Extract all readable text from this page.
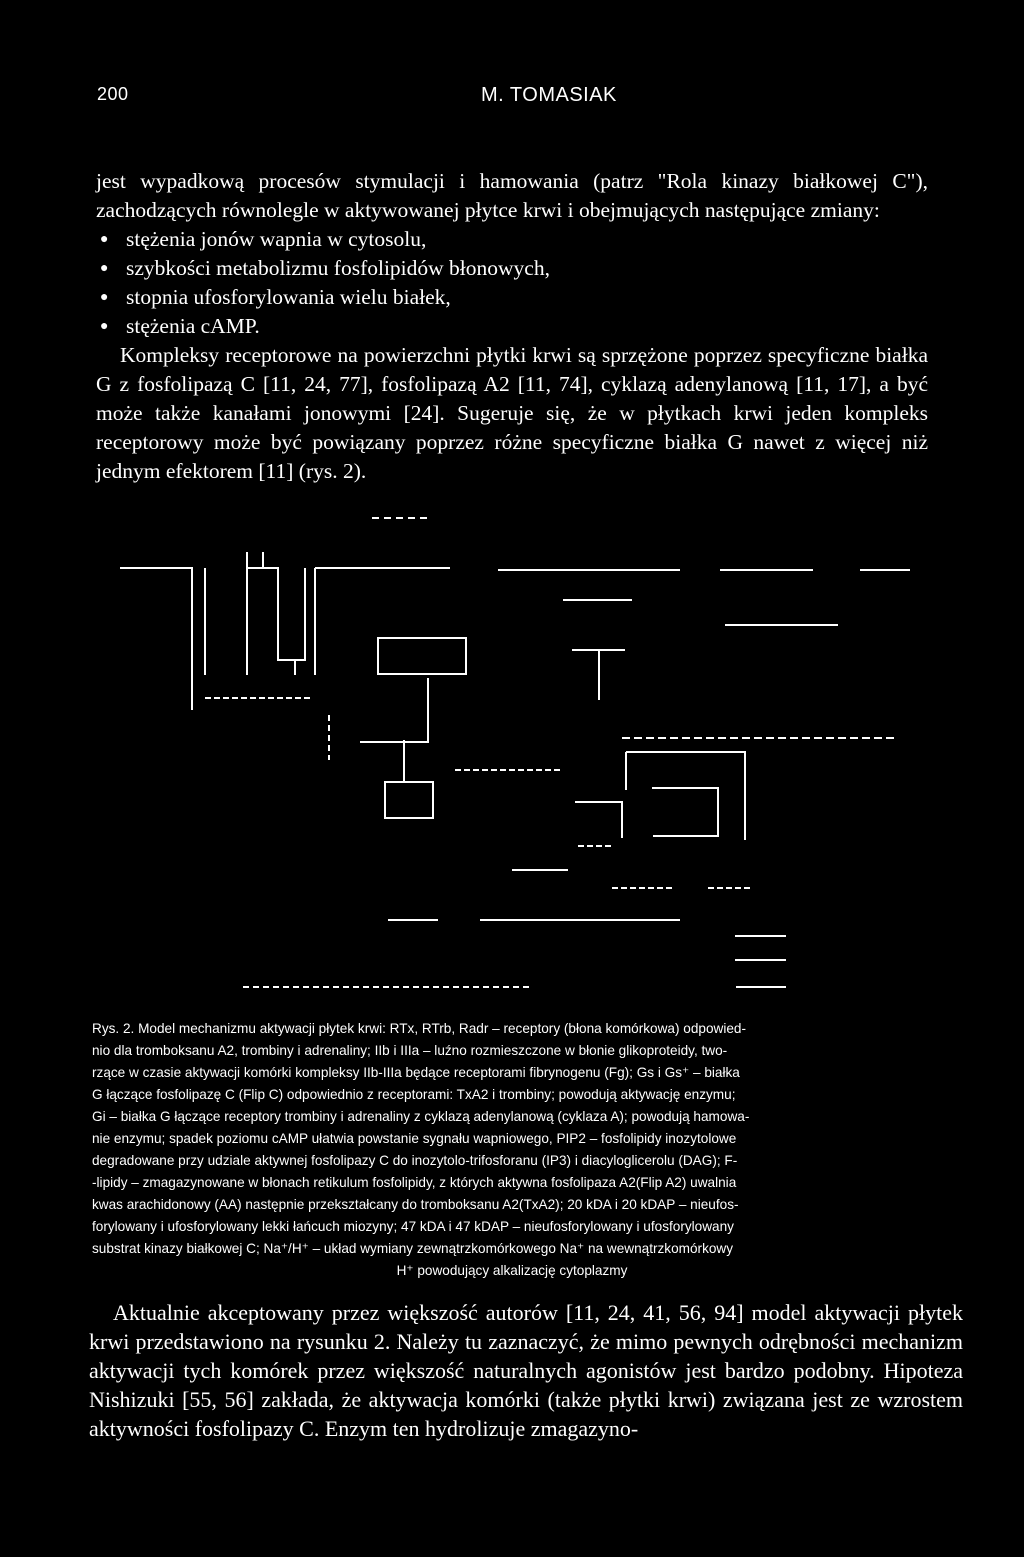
200	M. TOMASIAK

jest wypadkową procesów stymulacji i hamowania (patrz "Rola kinazy białkowej C"), zachodzących równolegle w aktywowanej płytce krwi i obejmujących następujące zmiany:

● stężenia jonów wapnia w cytosolu,
● szybkości metabolizmu fosfolipidów błonowych,
● stopnia ufosforylowania wielu białek,
● stężenia cAMP.

Kompleksy receptorowe na powierzchni płytki krwi są sprzężone poprzez specyficzne białka G z fosfolipazą C [11, 24, 77], fosfolipazą A2 [11, 74], cyklazą adenylanową [11, 17], a być może także kanałami jonowymi [24]. Sugeruje się, że w płytkach krwi jeden kompleks receptorowy może być powiązany poprzez różne specyficzne białka G nawet z więcej niż jednym efektorem [11] (rys. 2).

Rys. 2. Model mechanizmu aktywacji płytek krwi: RTx, RTrb, Radr – receptory (błona komórkowa) odpowied-

nio dla tromboksanu A2, trombiny i adrenaliny; IIb i IIIa – luźno rozmieszczone w błonie glikoproteidy, two-

rzące w czasie aktywacji komórki kompleksy IIb-IIIa będące receptorami fibrynogenu (Fg); Gs i Gs⁺ – białka

G łączące fosfolipazę C (Flip C) odpowiednio z receptorami: TxA2 i trombiny; powodują aktywację enzymu;

Gi – białka G łączące receptory trombiny i adrenaliny z cyklazą adenylanową (cyklaza A); powodują hamowa-

nie enzymu; spadek poziomu cAMP ułatwia powstanie sygnału wapniowego, PIP2 – fosfolipidy inozytolowe

degradowane przy udziale aktywnej fosfolipazy C do inozytolo-trifosforanu (IP3) i diacyloglicerolu (DAG); F-

-lipidy – zmagazynowane w błonach retikulum fosfolipidy, z których aktywna fosfolipaza A2(Flip A2) uwalnia

kwas arachidonowy (AA) następnie przekształcany do tromboksanu A2(TxA2); 20 kDA i 20 kDAP – nieufos-

forylowany i ufosforylowany lekki łańcuch miozyny; 47 kDA i 47 kDAP – nieufosforylowany i ufosforylowany

substrat kinazy białkowej C; Na⁺/H⁺ – układ wymiany zewnątrzkomórkowego Na⁺ na wewnątrzkomórkowy

H⁺ powodujący alkalizację cytoplazmy

Aktualnie akceptowany przez większość autorów [11, 24, 41, 56, 94] model aktywacji płytek krwi przedstawiono na rysunku 2. Należy tu zaznaczyć, że mimo pewnych odrębności mechanizm aktywacji tych komórek przez większość naturalnych agonistów jest bardzo podobny. Hipoteza Nishizuki [55, 56] zakłada, że aktywacja komórki (także płytki krwi) związana jest ze wzrostem aktywności fosfolipazy C. Enzym ten hydrolizuje zmagazyno-
